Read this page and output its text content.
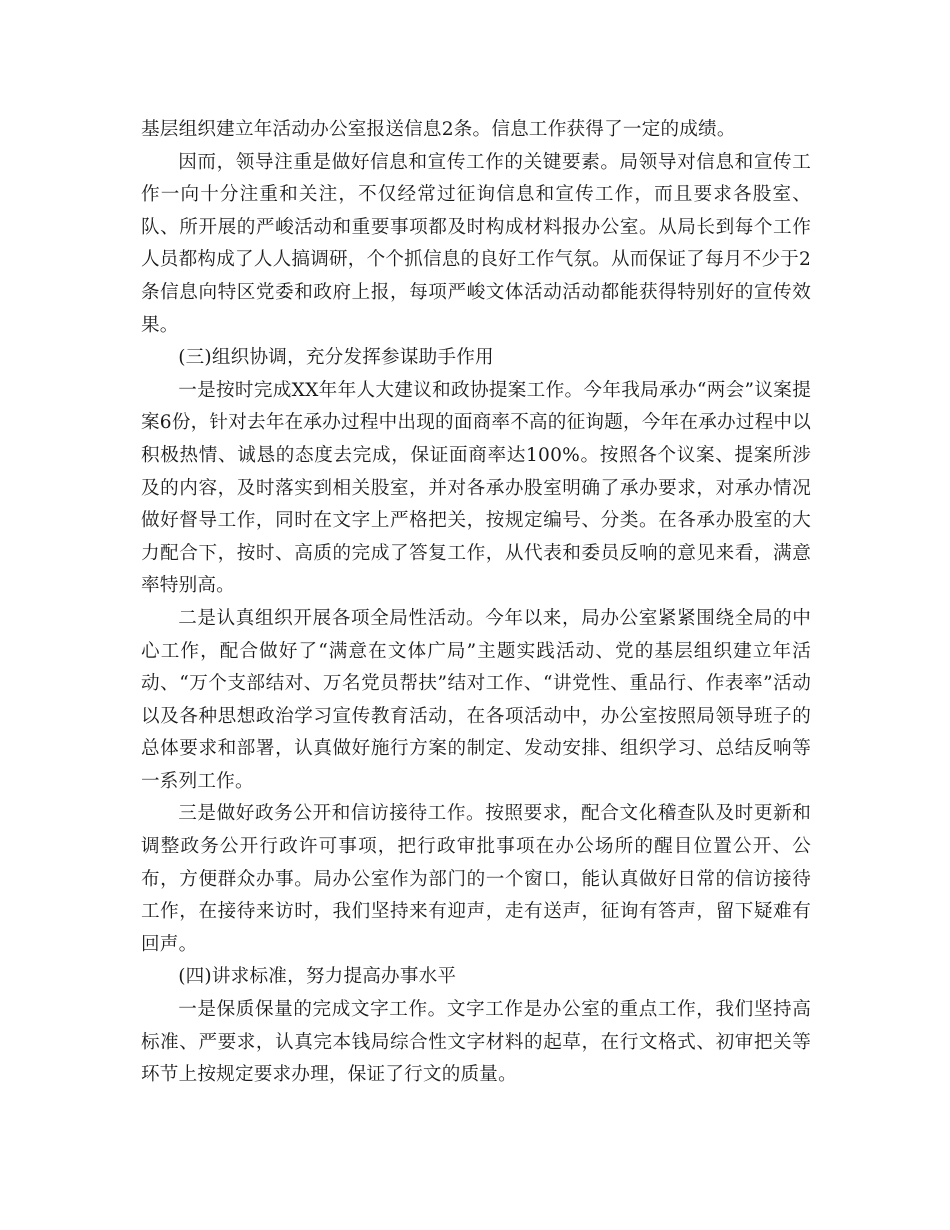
基层组织建立年活动办公室报送信息2条。信息工作获得了一定的成绩。

因而，领导注重是做好信息和宣传工作的关键要素。局领导对信息和宣传工作一向十分注重和关注，不仅经常过征询信息和宣传工作，而且要求各股室、队、所开展的严峻活动和重要事项都及时构成材料报办公室。从局长到每个工作人员都构成了人人搞调研，个个抓信息的良好工作气氛。从而保证了每月不少于2条信息向特区党委和政府上报，每项严峻文体活动活动都能获得特别好的宣传效果。

(三)组织协调，充分发挥参谋助手作用

一是按时完成XX年年人大建议和政协提案工作。今年我局承办“两会”议案提案6份，针对去年在承办过程中出现的面商率不高的征询题，今年在承办过程中以积极热情、诚恳的态度去完成，保证面商率达100%。按照各个议案、提案所涉及的内容，及时落实到相关股室，并对各承办股室明确了承办要求，对承办情况做好督导工作，同时在文字上严格把关，按规定编号、分类。在各承办股室的大力配合下，按时、高质的完成了答复工作，从代表和委员反响的意见来看，满意率特别高。

二是认真组织开展各项全局性活动。今年以来，局办公室紧紧围绕全局的中心工作，配合做好了“满意在文体广局”主题实践活动、党的基层组织建立年活动、“万个支部结对、万名党员帮扶”结对工作、“讲党性、重品行、作表率”活动以及各种思想政治学习宣传教育活动，在各项活动中，办公室按照局领导班子的总体要求和部署，认真做好施行方案的制定、发动安排、组织学习、总结反响等一系列工作。

三是做好政务公开和信访接待工作。按照要求，配合文化稽查队及时更新和调整政务公开行政许可事项，把行政审批事项在办公场所的醒目位置公开、公布，方便群众办事。局办公室作为部门的一个窗口，能认真做好日常的信访接待工作，在接待来访时，我们坚持来有迎声，走有送声，征询有答声，留下疑难有回声。

(四)讲求标准，努力提高办事水平

一是保质保量的完成文字工作。文字工作是办公室的重点工作，我们坚持高标准、严要求，认真完本钱局综合性文字材料的起草，在行文格式、初审把关等环节上按规定要求办理，保证了行文的质量。
